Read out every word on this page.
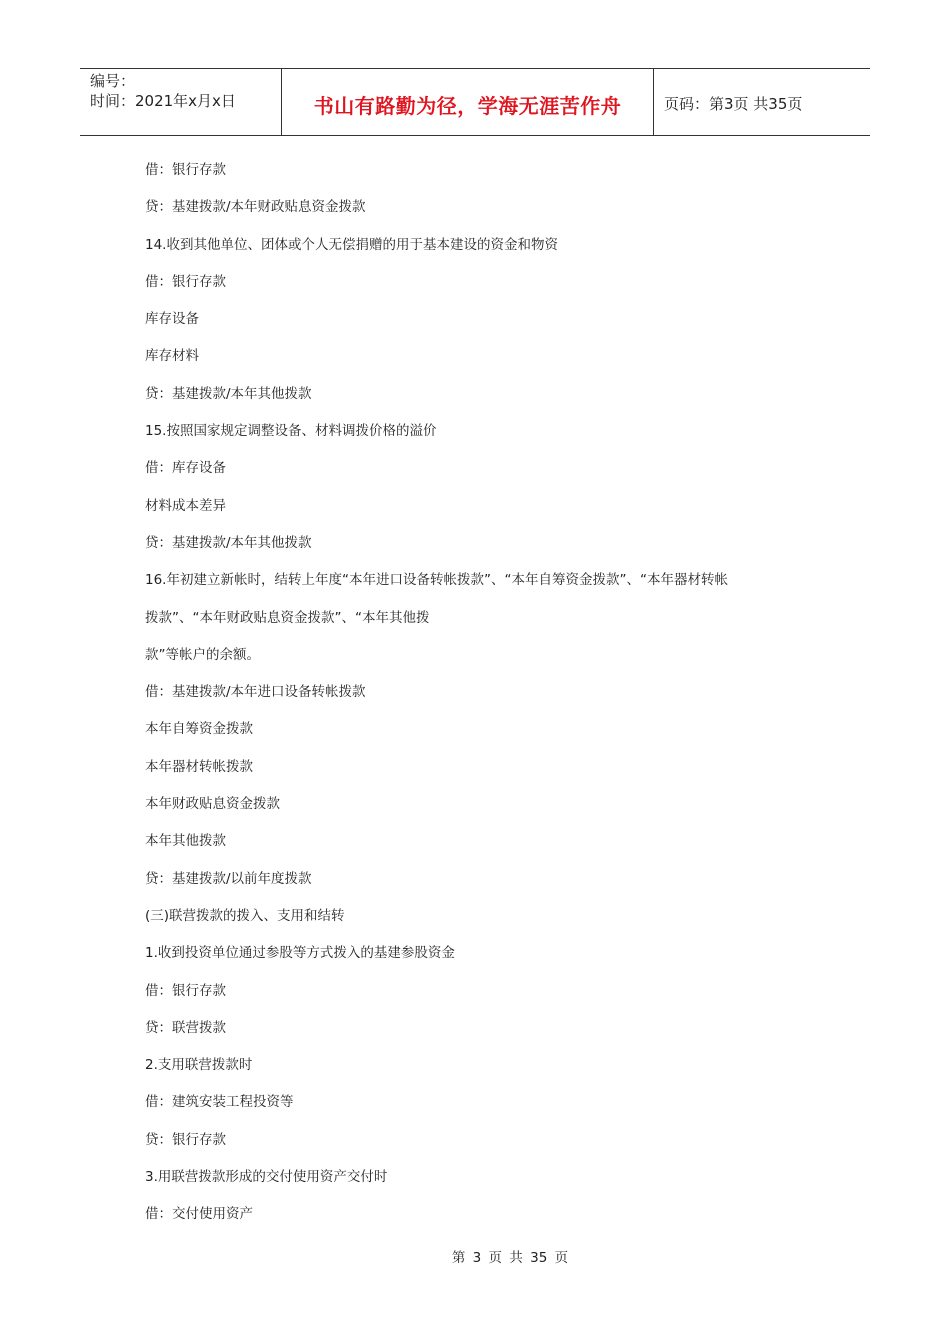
编号：
时间：2021年x月x日	书山有路勤为径，学海无涯苦作舟	页码：第3页 共35页
借：银行存款
贷：基建拨款/本年财政贴息资金拨款
14.收到其他单位、团体或个人无偿捐赠的用于基本建设的资金和物资
借：银行存款
库存设备
库存材料
贷：基建拨款/本年其他拨款
15.按照国家规定调整设备、材料调拨价格的溢价
借：库存设备
材料成本差异
贷：基建拨款/本年其他拨款
16.年初建立新帐时，结转上年度“本年进口设备转帐拨款”、“本年自筹资金拨款”、“本年器材转帐
拨款”、“本年财政贴息资金拨款”、“本年其他拨
款”等帐户的余额。
借：基建拨款/本年进口设备转帐拨款
本年自筹资金拨款
本年器材转帐拨款
本年财政贴息资金拨款
本年其他拨款
贷：基建拨款/以前年度拨款
(三)联营拨款的拨入、支用和结转
1.收到投资单位通过参股等方式拨入的基建参股资金
借：银行存款
贷：联营拨款
2.支用联营拨款时
借：建筑安装工程投资等
贷：银行存款
3.用联营拨款形成的交付使用资产交付时
借：交付使用资产
第 3 页 共 35 页
